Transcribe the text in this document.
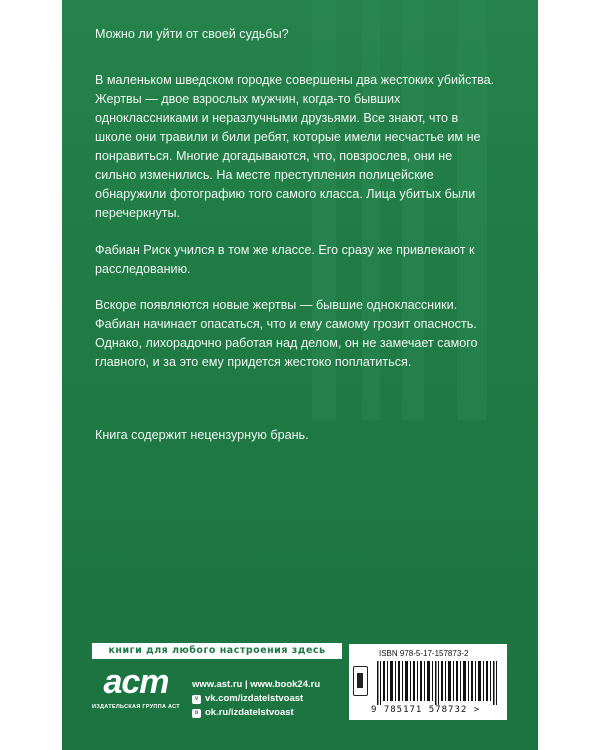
Можно ли уйти от своей судьбы?

В маленьком шведском городке совершены два жестоких убийства. Жертвы — двое взрослых мужчин, когда-то бывших одноклассниками и неразлучными друзьями. Все знают, что в школе они травили и били ребят, которые имели несчастье им не понравиться. Многие догадываются, что, повзрослев, они не сильно изменились. На месте преступления полицейские обнаружили фотографию того самого класса. Лица убитых были перечеркнуты.

Фабиан Риск учился в том же классе. Его сразу же привлекают к расследованию.

Вскоре появляются новые жертвы — бывшие одноклассники. Фабиан начинает опасаться, что и ему самому грозит опасность. Однако, лихорадочно работая над делом, он не замечает самого главного, и за это ему придется жестоко поплатиться.

Книга содержит нецензурную брань.

книги для любого настроения здесь
аст
ИЗДАТЕЛЬСКАЯ ГРУППА АСТ
www.ast.ru | www.book24.ru
v vk.com/izdatelstvoast
o ok.ru/izdatelstvoast
ISBN 978-5-17-157873-2
9 785171 578732 >
